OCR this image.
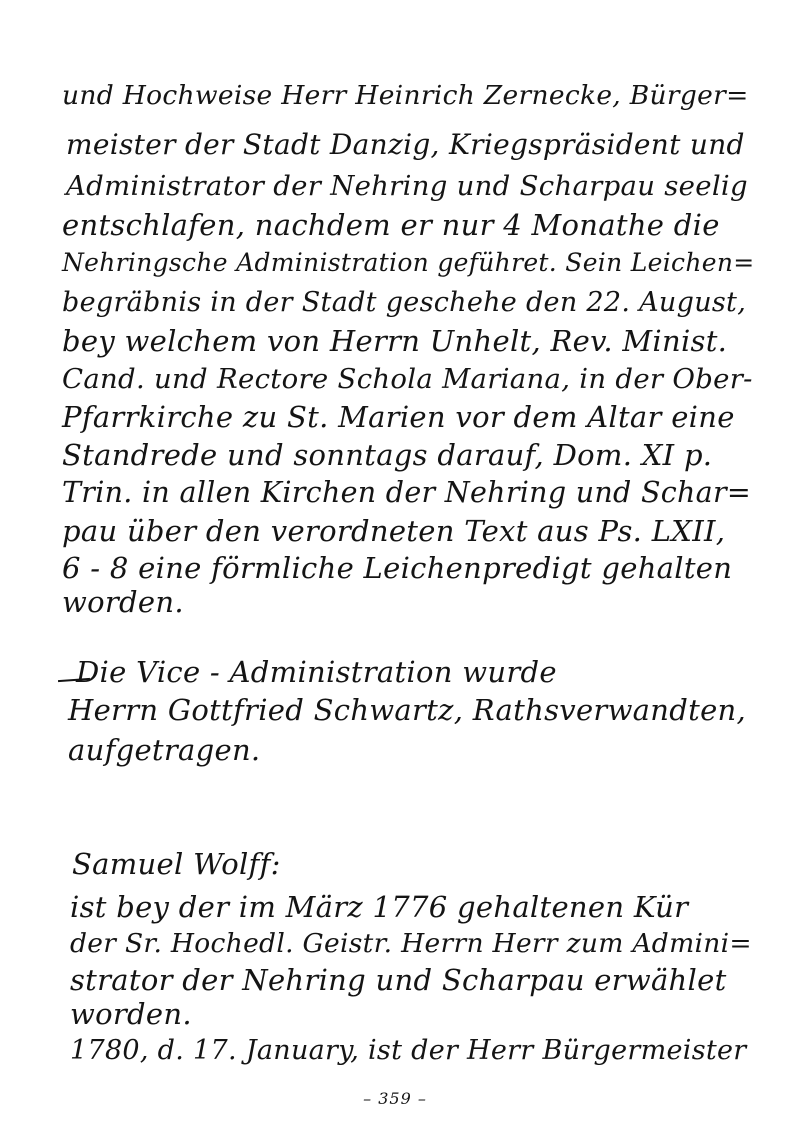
und Hochweise Herr Heinrich Zernecke, Bürger=
meister der Stadt Danzig, Kriegspräsident und
Administrator der Nehring und Scharpau seelig
entschlafen, nachdem er nur 4 Monathe die
Nehringsche Administration geführet. Sein Leichen=
begräbnis in der Stadt geschehe den 22. August,
bey welchem von Herrn Unhelt, Rev. Minist.
Cand. und Rectore Schola Mariana, in der Ober-
Pfarrkirche zu St. Marien vor dem Altar eine
Standrede und sonntags darauf, Dom. XI p.
Trin. in allen Kirchen der Nehring und Schar=
pau über den verordneten Text aus Ps. LXII,
6 - 8 eine förmliche Leichenpredigt gehalten
worden.
Die Vice - Administration wurde
Herrn Gottfried Schwartz, Rathsverwandten,
aufgetragen.
Samuel Wolff:
ist bey der im März 1776 gehaltenen Kür
der Sr. Hochedl. Geistr. Herrn Herr zum Admini=
strator der Nehring und Scharpau erwählet
worden.
1780, d. 17. January, ist der Herr Bürgermeister
– 359 –
